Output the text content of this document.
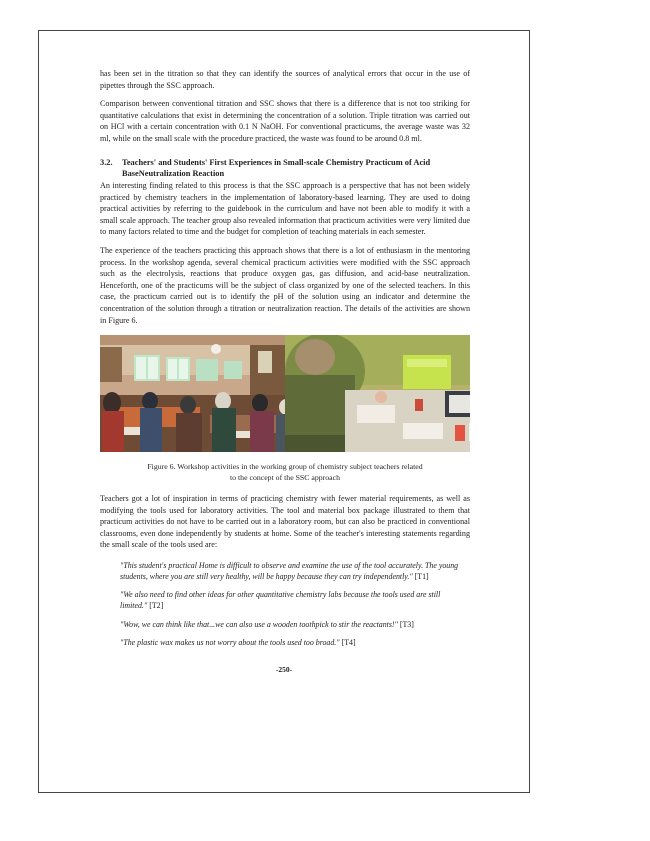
has been set in the titration so that they can identify the sources of analytical errors that occur in the use of pipettes through the SSC approach.

Comparison between conventional titration and SSC shows that there is a difference that is not too striking for quantitative calculations that exist in determining the concentration of a solution. Triple titration was carried out on HCl with a certain concentration with 0.1 N NaOH. For conventional practicums, the average waste was 32 ml, while on the small scale with the procedure practiced, the waste was found to be around 0.8 ml.

3.2.	Teachers' and Students' First Experiences in Small-scale Chemistry Practicum of Acid BaseNeutralization Reaction

An interesting finding related to this process is that the SSC approach is a perspective that has not been widely practiced by chemistry teachers in the implementation of laboratory-based learning. They are used to doing practical activities by referring to the guidebook in the curriculum and have not been able to modify it with a small scale approach. The teacher group also revealed information that practicum activities were very limited due to many factors related to time and the budget for completion of teaching materials in each semester.

The experience of the teachers practicing this approach shows that there is a lot of enthusiasm in the mentoring process. In the workshop agenda, several chemical practicum activities were modified with the SSC approach such as the electrolysis, reactions that produce oxygen gas, gas diffusion, and acid-base neutralization. Henceforth, one of the practicums will be the subject of class organized by one of the selected teachers. In this case, the practicum carried out is to identify the pH of the solution using an indicator and determine the concentration of the solution through a titration or neutralization reaction. The details of the activities are shown in Figure 6.

Figure 6. Workshop activities in the working group of chemistry subject teachers related
to the concept of the SSC approach

Teachers got a lot of inspiration in terms of practicing chemistry with fewer material requirements, as well as modifying the tools used for laboratory activities. The tool and material box package illustrated to them that practicum activities do not have to be carried out in a laboratory room, but can also be practiced in conventional classrooms, even done independently by students at home. Some of the teacher's interesting statements regarding the small scale of the tools used are:

"This student's practical Home is difficult to observe and examine the use of the tool accurately. The young students, where you are still very healthy, will be happy because they can try independently." [T1]
"We also need to find other ideas for other quantitative chemistry labs because the tools used are still limited." [T2]
"Wow, we can think like that...we can also use a wooden toothpick to stir the reactants!" [T3]
"The plastic wax makes us not worry about the tools used too broad." [T4]
-250-
